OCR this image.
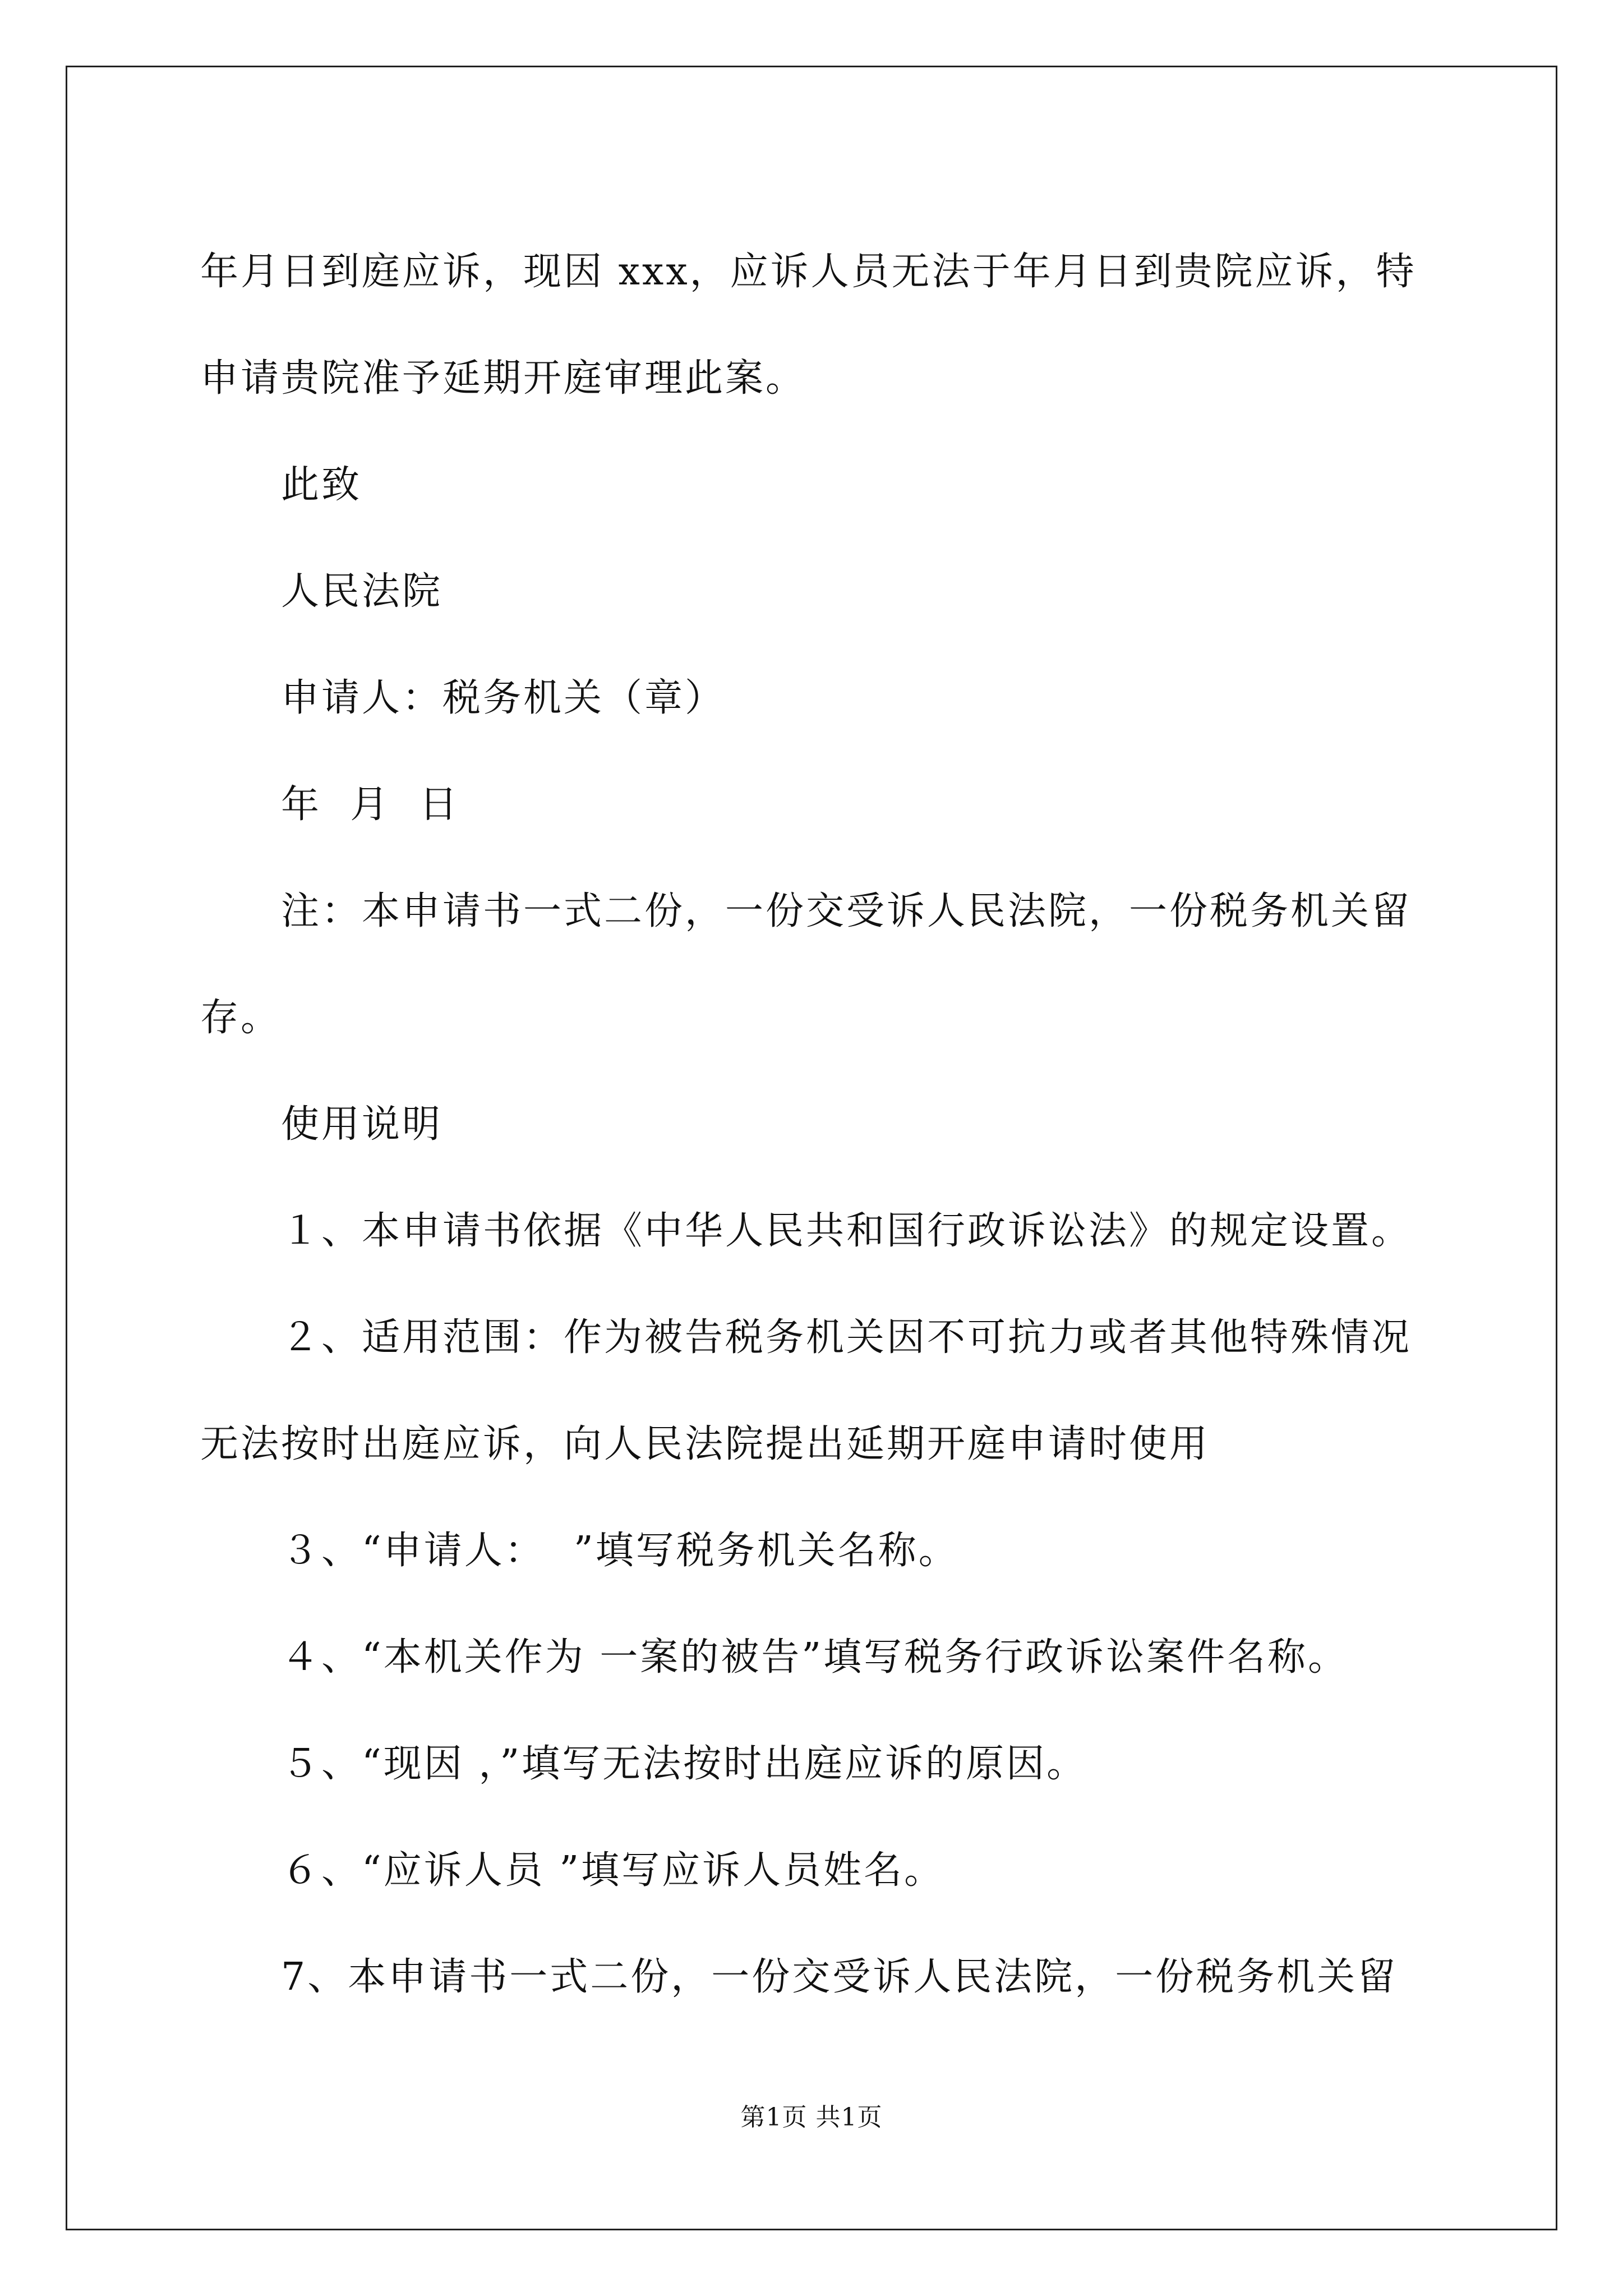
年月日到庭应诉，现因 xxx，应诉人员无法于年月日到贵院应诉，特
申请贵院准予延期开庭审理此案。
此致
人民法院
申请人：税务机关（章）
年  月  日
注：本申请书一式二份，一份交受诉人民法院，一份税务机关留
存。
使用说明
１、本申请书依据《中华人民共和国行政诉讼法》的规定设置。
２、适用范围：作为被告税务机关因不可抗力或者其他特殊情况
无法按时出庭应诉，向人民法院提出延期开庭申请时使用
３、“申请人：  ”填写税务机关名称。
４、“本机关作为 一案的被告”填写税务行政诉讼案件名称。
５、“现因 ，”填写无法按时出庭应诉的原因。
６、“应诉人员 ”填写应诉人员姓名。
7、本申请书一式二份，一份交受诉人民法院，一份税务机关留
第1页 共1页
